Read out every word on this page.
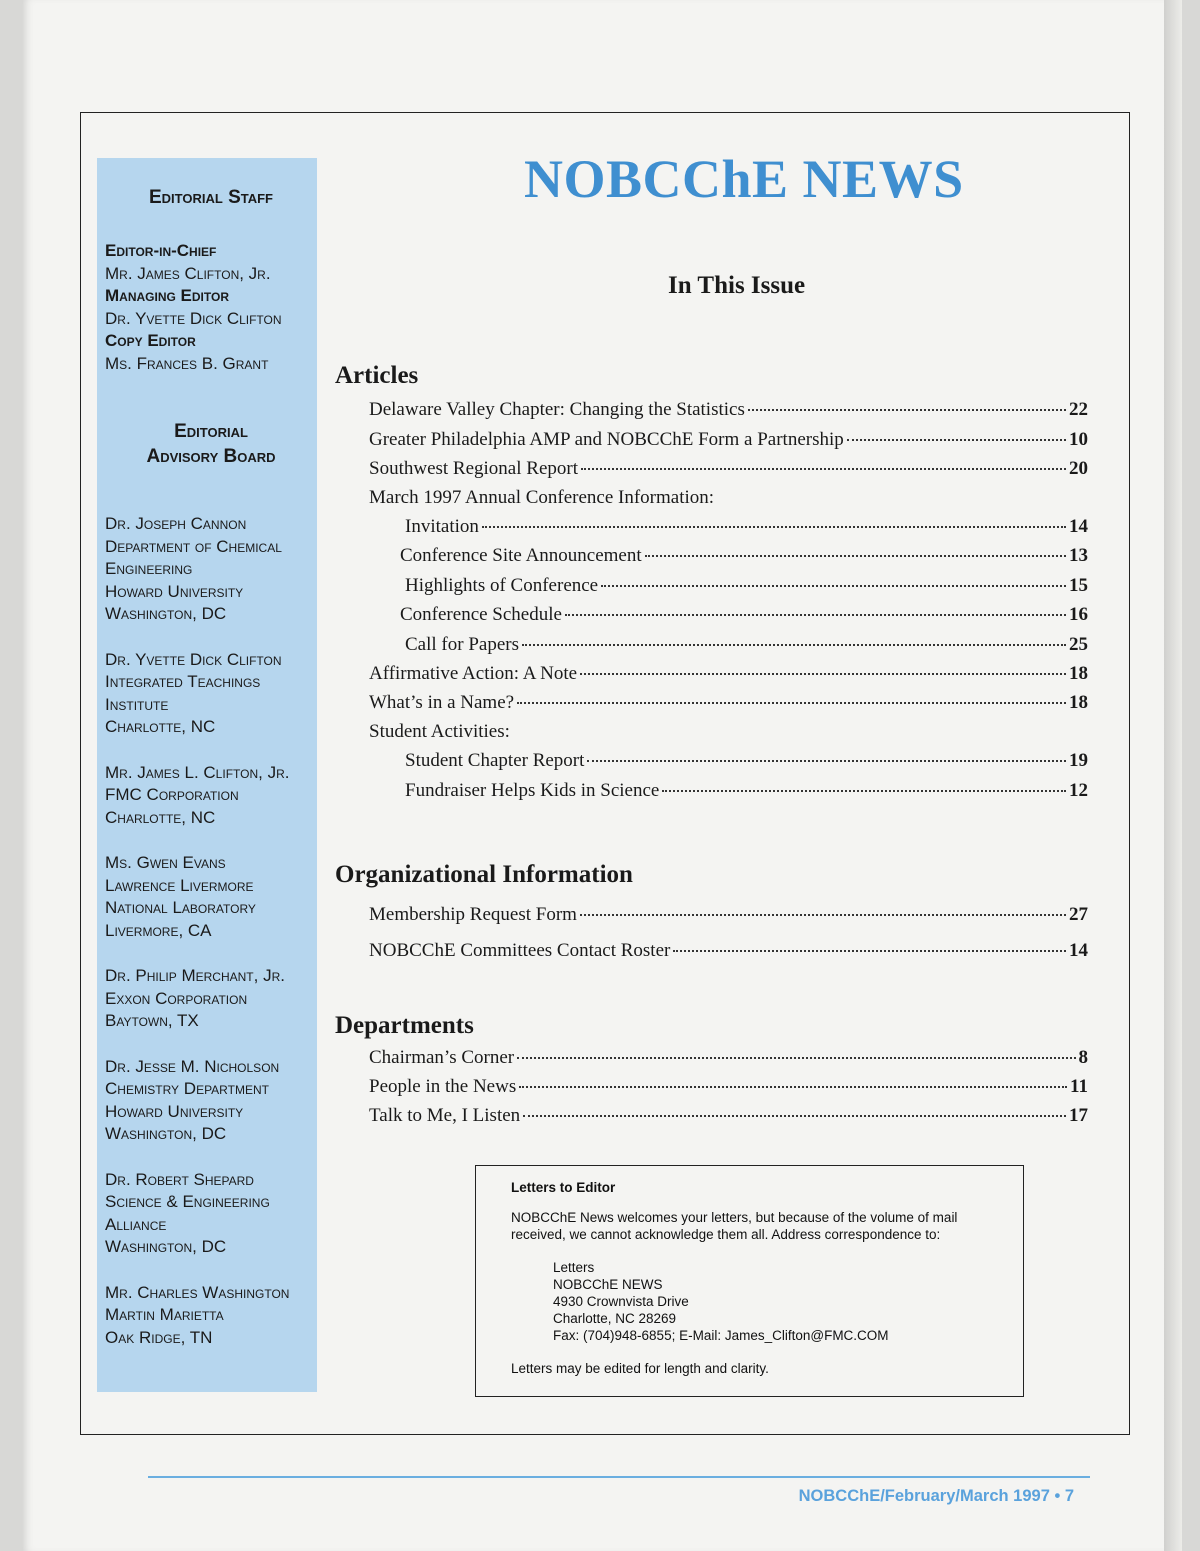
Editorial Staff
Editor-in-Chief
Mr. James Clifton, Jr.
Managing Editor
Dr. Yvette Dick Clifton
Copy Editor
Ms. Frances B. Grant
Editorial
Advisory Board
Dr. Joseph Cannon
Department of Chemical
Engineering
Howard University
Washington, DC
Dr. Yvette Dick Clifton
Integrated Teachings
Institute
Charlotte, NC
Mr. James L. Clifton, Jr.
FMC Corporation
Charlotte, NC
Ms. Gwen Evans
Lawrence Livermore
National Laboratory
Livermore, CA
Dr. Philip Merchant, Jr.
Exxon Corporation
Baytown, TX
Dr. Jesse M. Nicholson
Chemistry Department
Howard University
Washington, DC
Dr. Robert Shepard
Science & Engineering
Alliance
Washington, DC
Mr. Charles Washington
Martin Marietta
Oak Ridge, TN
NOBCChE NEWS
In This Issue
Articles
Delaware Valley Chapter: Changing the Statistics	22
Greater Philadelphia AMP and NOBCChE Form a Partnership	10
Southwest Regional Report	20
March 1997 Annual Conference Information:
Invitation	14
Conference Site Announcement	13
Highlights of Conference	15
Conference Schedule	16
Call for Papers	25
Affirmative Action: A Note	18
What’s in a Name?	18
Student Activities:
Student Chapter Report	19
Fundraiser Helps Kids in Science	12
Organizational Information
Membership Request Form	27
NOBCChE Committees Contact Roster	14
Departments
Chairman’s Corner	8
People in the News	11
Talk to Me, I Listen	17
Letters to Editor
NOBCChE News welcomes your letters, but because of the volume of mail received, we cannot acknowledge them all. Address correspondence to:
Letters
NOBCChE NEWS
4930 Crownvista Drive
Charlotte, NC 28269
Fax: (704)948-6855; E-Mail: James_Clifton@FMC.COM
Letters may be edited for length and clarity.
NOBCChE/February/March 1997 • 7
